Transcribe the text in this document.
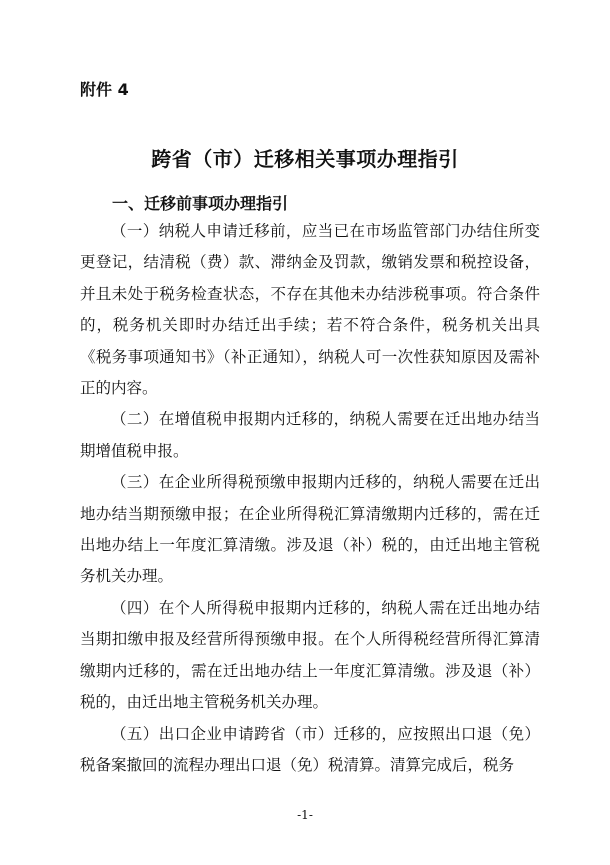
附件 4
跨省（市）迁移相关事项办理指引
一、迁移前事项办理指引

（一）纳税人申请迁移前，应当已在市场监管部门办结住所变更登记，结清税（费）款、滞纳金及罚款，缴销发票和税控设备，并且未处于税务检查状态，不存在其他未办结涉税事项。符合条件的，税务机关即时办结迁出手续；若不符合条件，税务机关出具《税务事项通知书》（补正通知），纳税人可一次性获知原因及需补正的内容。

（二）在增值税申报期内迁移的，纳税人需要在迁出地办结当期增值税申报。

（三）在企业所得税预缴申报期内迁移的，纳税人需要在迁出地办结当期预缴申报；在企业所得税汇算清缴期内迁移的，需在迁出地办结上一年度汇算清缴。涉及退（补）税的，由迁出地主管税务机关办理。

（四）在个人所得税申报期内迁移的，纳税人需在迁出地办结当期扣缴申报及经营所得预缴申报。在个人所得税经营所得汇算清缴期内迁移的，需在迁出地办结上一年度汇算清缴。涉及退（补）税的，由迁出地主管税务机关办理。

（五）出口企业申请跨省（市）迁移的，应按照出口退（免）税备案撤回的流程办理出口退（免）税清算。清算完成后，税务

-1-
